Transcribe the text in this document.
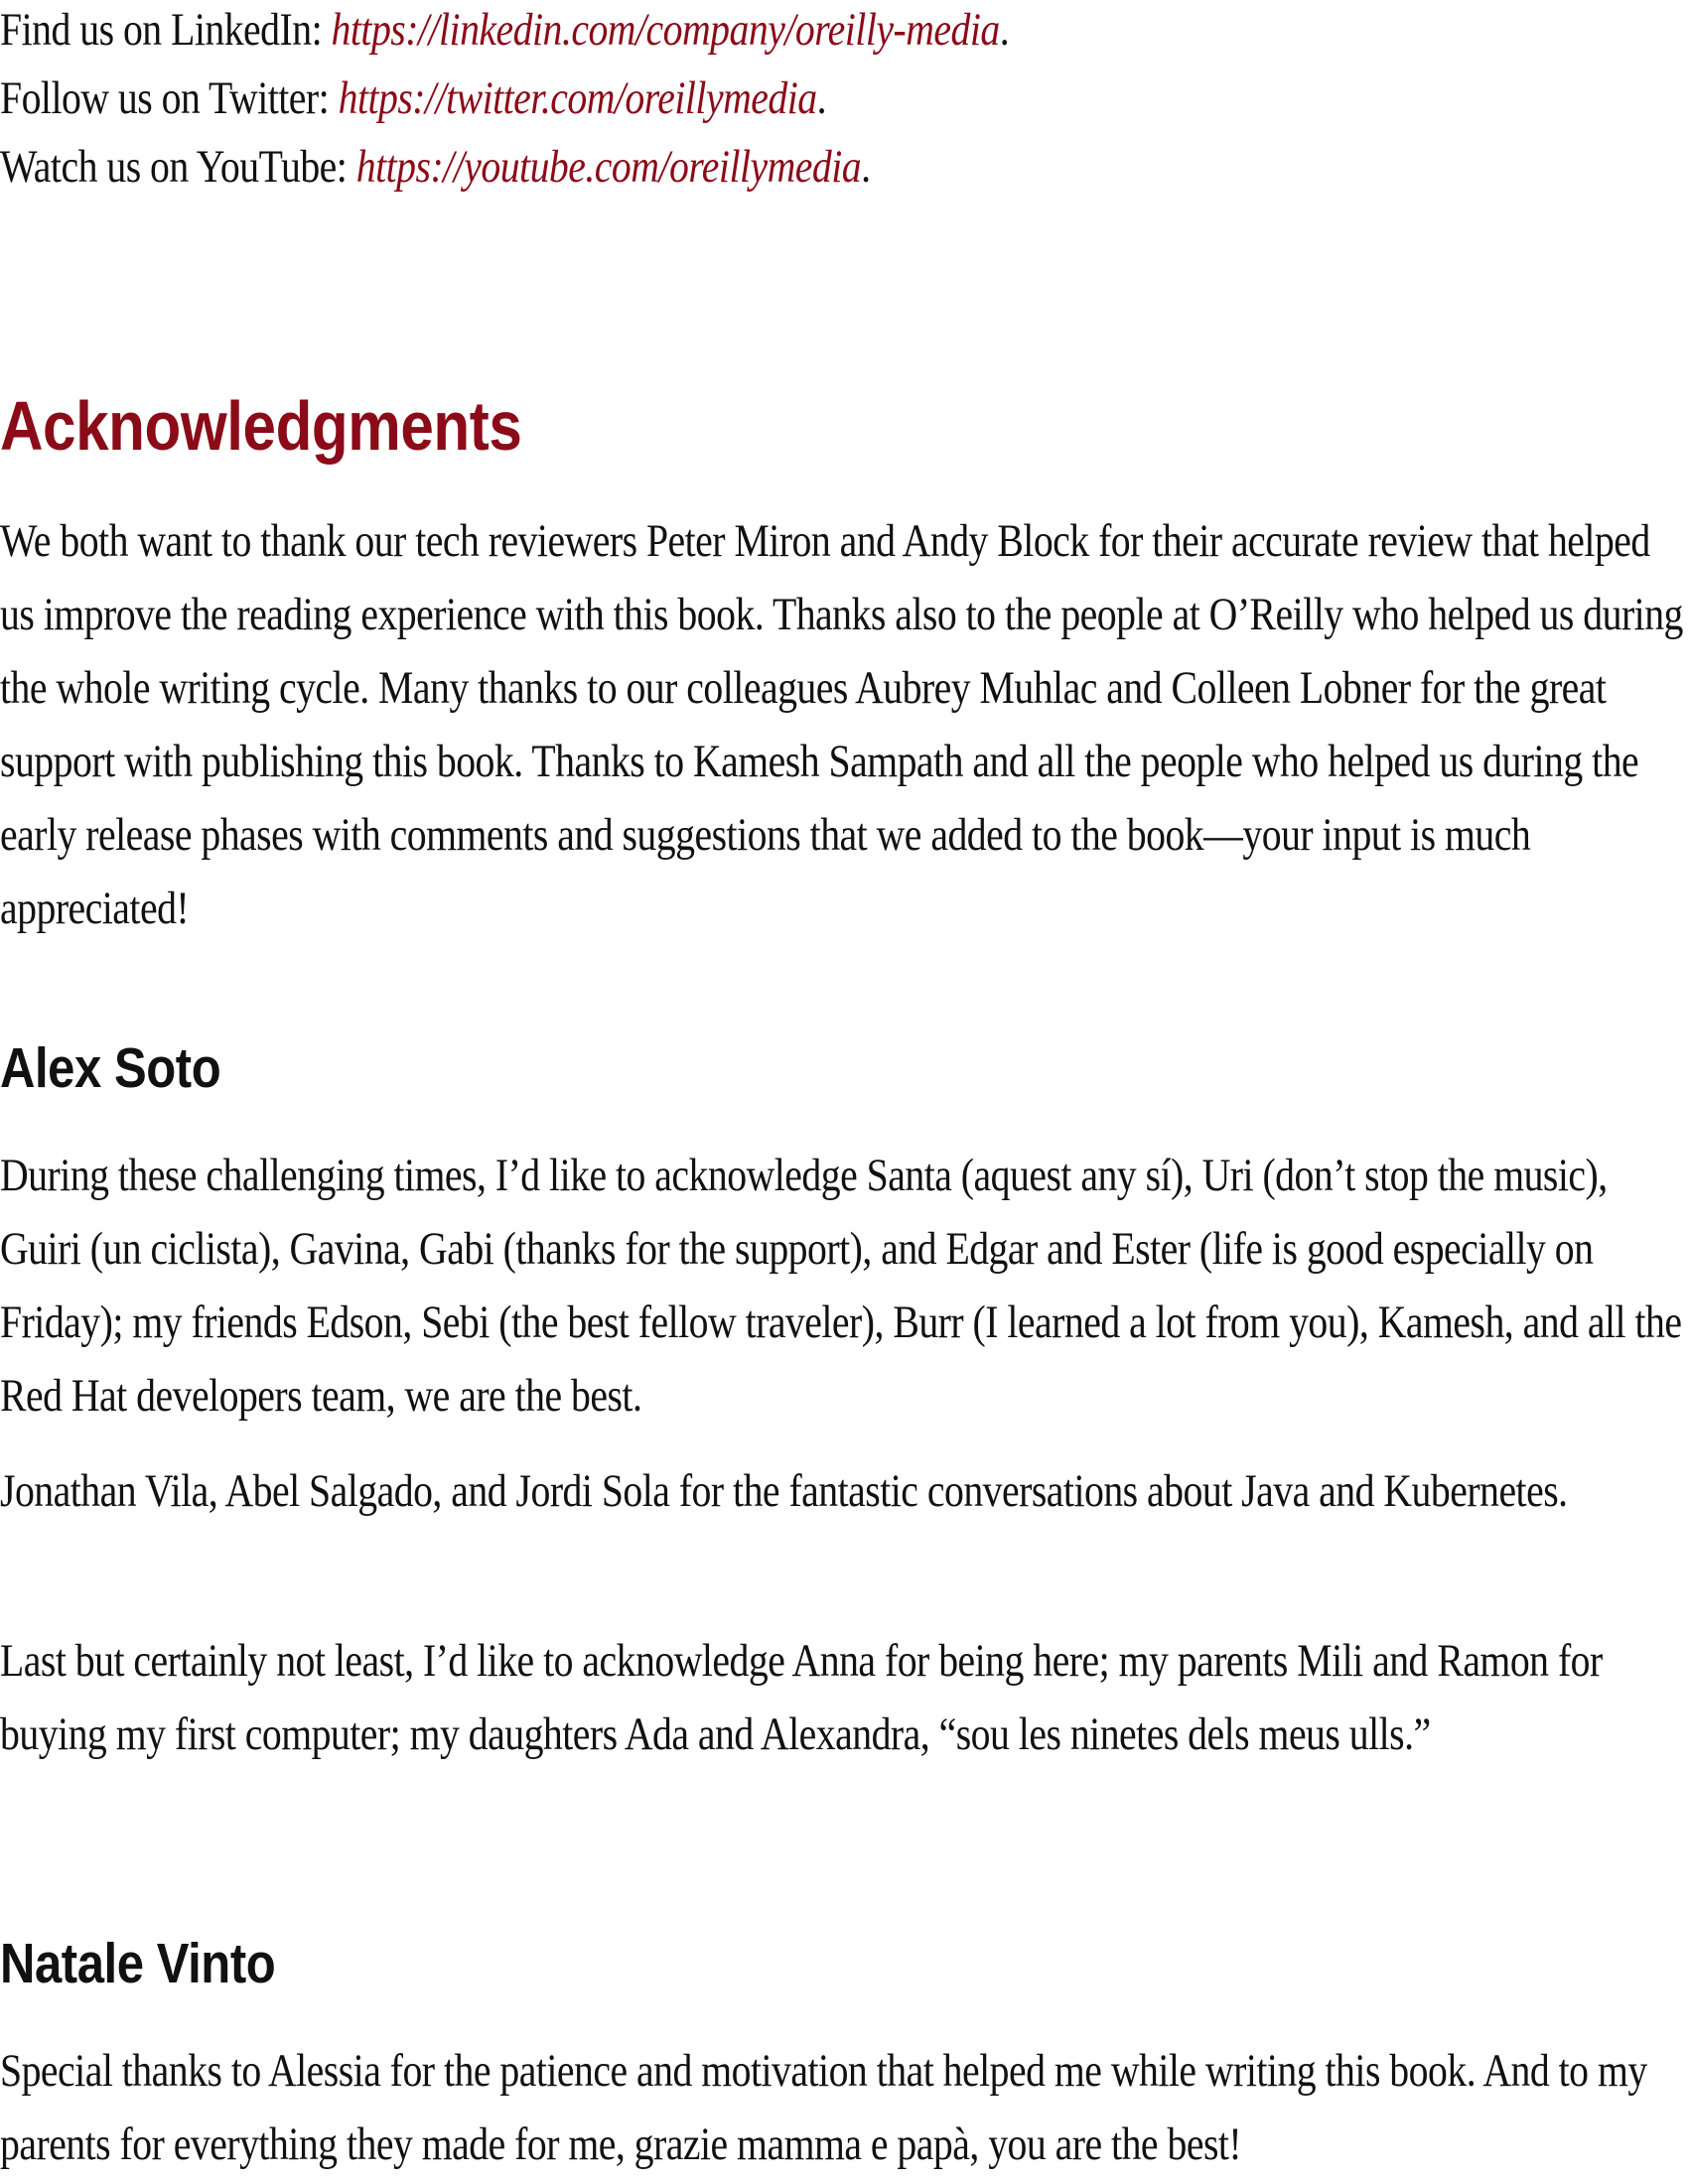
Find us on LinkedIn: https://linkedin.com/company/oreilly-media.

Follow us on Twitter: https://twitter.com/oreillymedia.

Watch us on YouTube: https://youtube.com/oreillymedia.

Acknowledgments

We both want to thank our tech reviewers Peter Miron and Andy Block for their accurate review that helped us improve the reading experience with this book. Thanks also to the people at O’Reilly who helped us during the whole writing cycle. Many thanks to our colleagues Aubrey Muhlac and Colleen Lobner for the great support with publishing this book. Thanks to Kamesh Sampath and all the people who helped us during the early release phases with comments and suggestions that we added to the book—your input is much appreciated!

Alex Soto

During these challenging times, I’d like to acknowledge Santa (aquest any sí), Uri (don’t stop the music), Guiri (un ciclista), Gavina, Gabi (thanks for the support), and Edgar and Ester (life is good especially on Friday); my friends Edson, Sebi (the best fellow traveler), Burr (I learned a lot from you), Kamesh, and all the Red Hat developers team, we are the best.

Jonathan Vila, Abel Salgado, and Jordi Sola for the fantastic conversations about Java and Kubernetes.

Last but certainly not least, I’d like to acknowledge Anna for being here; my parents Mili and Ramon for buying my first computer; my daughters Ada and Alexandra, “sou les ninetes dels meus ulls.”

Natale Vinto

Special thanks to Alessia for the patience and motivation that helped me while writing this book. And to my parents for everything they made for me, grazie mamma e papà, you are the best!
